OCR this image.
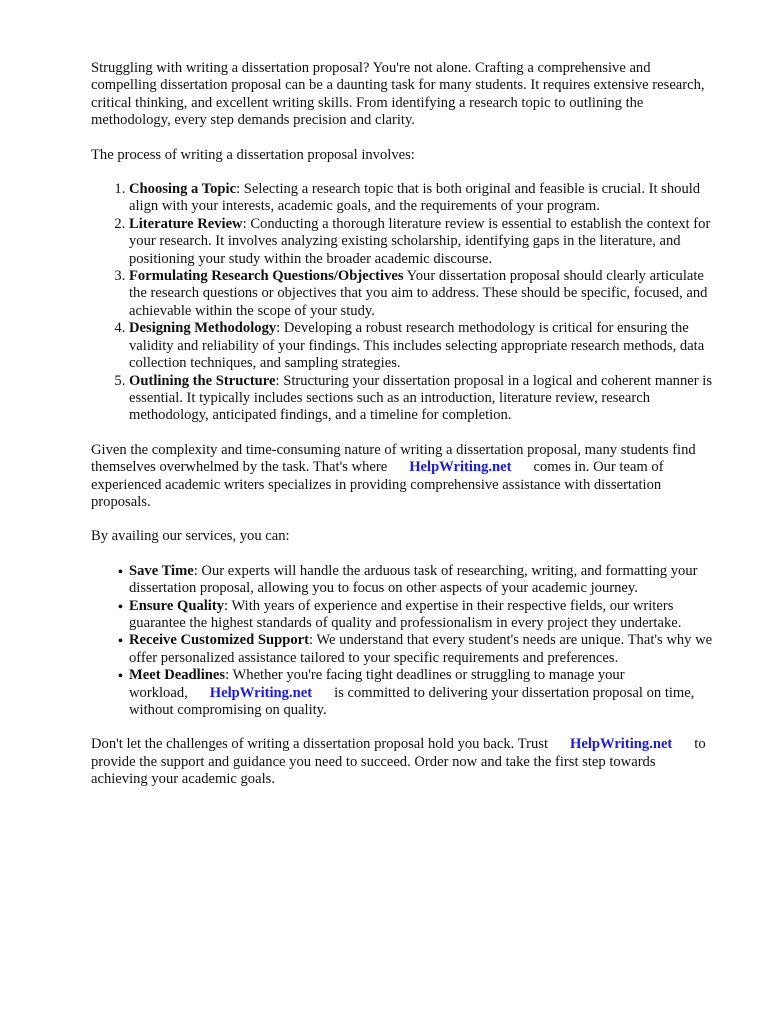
Struggling with writing a dissertation proposal? You're not alone. Crafting a comprehensive and compelling dissertation proposal can be a daunting task for many students. It requires extensive research, critical thinking, and excellent writing skills. From identifying a research topic to outlining the methodology, every step demands precision and clarity.

The process of writing a dissertation proposal involves:

1. Choosing a Topic: Selecting a research topic that is both original and feasible is crucial. It should align with your interests, academic goals, and the requirements of your program.
2. Literature Review: Conducting a thorough literature review is essential to establish the context for your research. It involves analyzing existing scholarship, identifying gaps in the literature, and positioning your study within the broader academic discourse.
3. Formulating Research Questions/Objectives Your dissertation proposal should clearly articulate the research questions or objectives that you aim to address. These should be specific, focused, and achievable within the scope of your study.
4. Designing Methodology: Developing a robust research methodology is critical for ensuring the validity and reliability of your findings. This includes selecting appropriate research methods, data collection techniques, and sampling strategies.
5. Outlining the Structure: Structuring your dissertation proposal in a logical and coherent manner is essential. It typically includes sections such as an introduction, literature review, research methodology, anticipated findings, and a timeline for completion.

Given the complexity and time-consuming nature of writing a dissertation proposal, many students find themselves overwhelmed by the task. That's where HelpWriting.net comes in. Our team of experienced academic writers specializes in providing comprehensive assistance with dissertation proposals.

By availing our services, you can:

• Save Time: Our experts will handle the arduous task of researching, writing, and formatting your dissertation proposal, allowing you to focus on other aspects of your academic journey.
• Ensure Quality: With years of experience and expertise in their respective fields, our writers guarantee the highest standards of quality and professionalism in every project they undertake.
• Receive Customized Support: We understand that every student's needs are unique. That's why we offer personalized assistance tailored to your specific requirements and preferences.
• Meet Deadlines: Whether you're facing tight deadlines or struggling to manage your workload, HelpWriting.net is committed to delivering your dissertation proposal on time, without compromising on quality.

Don't let the challenges of writing a dissertation proposal hold you back. Trust HelpWriting.net to provide the support and guidance you need to succeed. Order now and take the first step towards achieving your academic goals.
